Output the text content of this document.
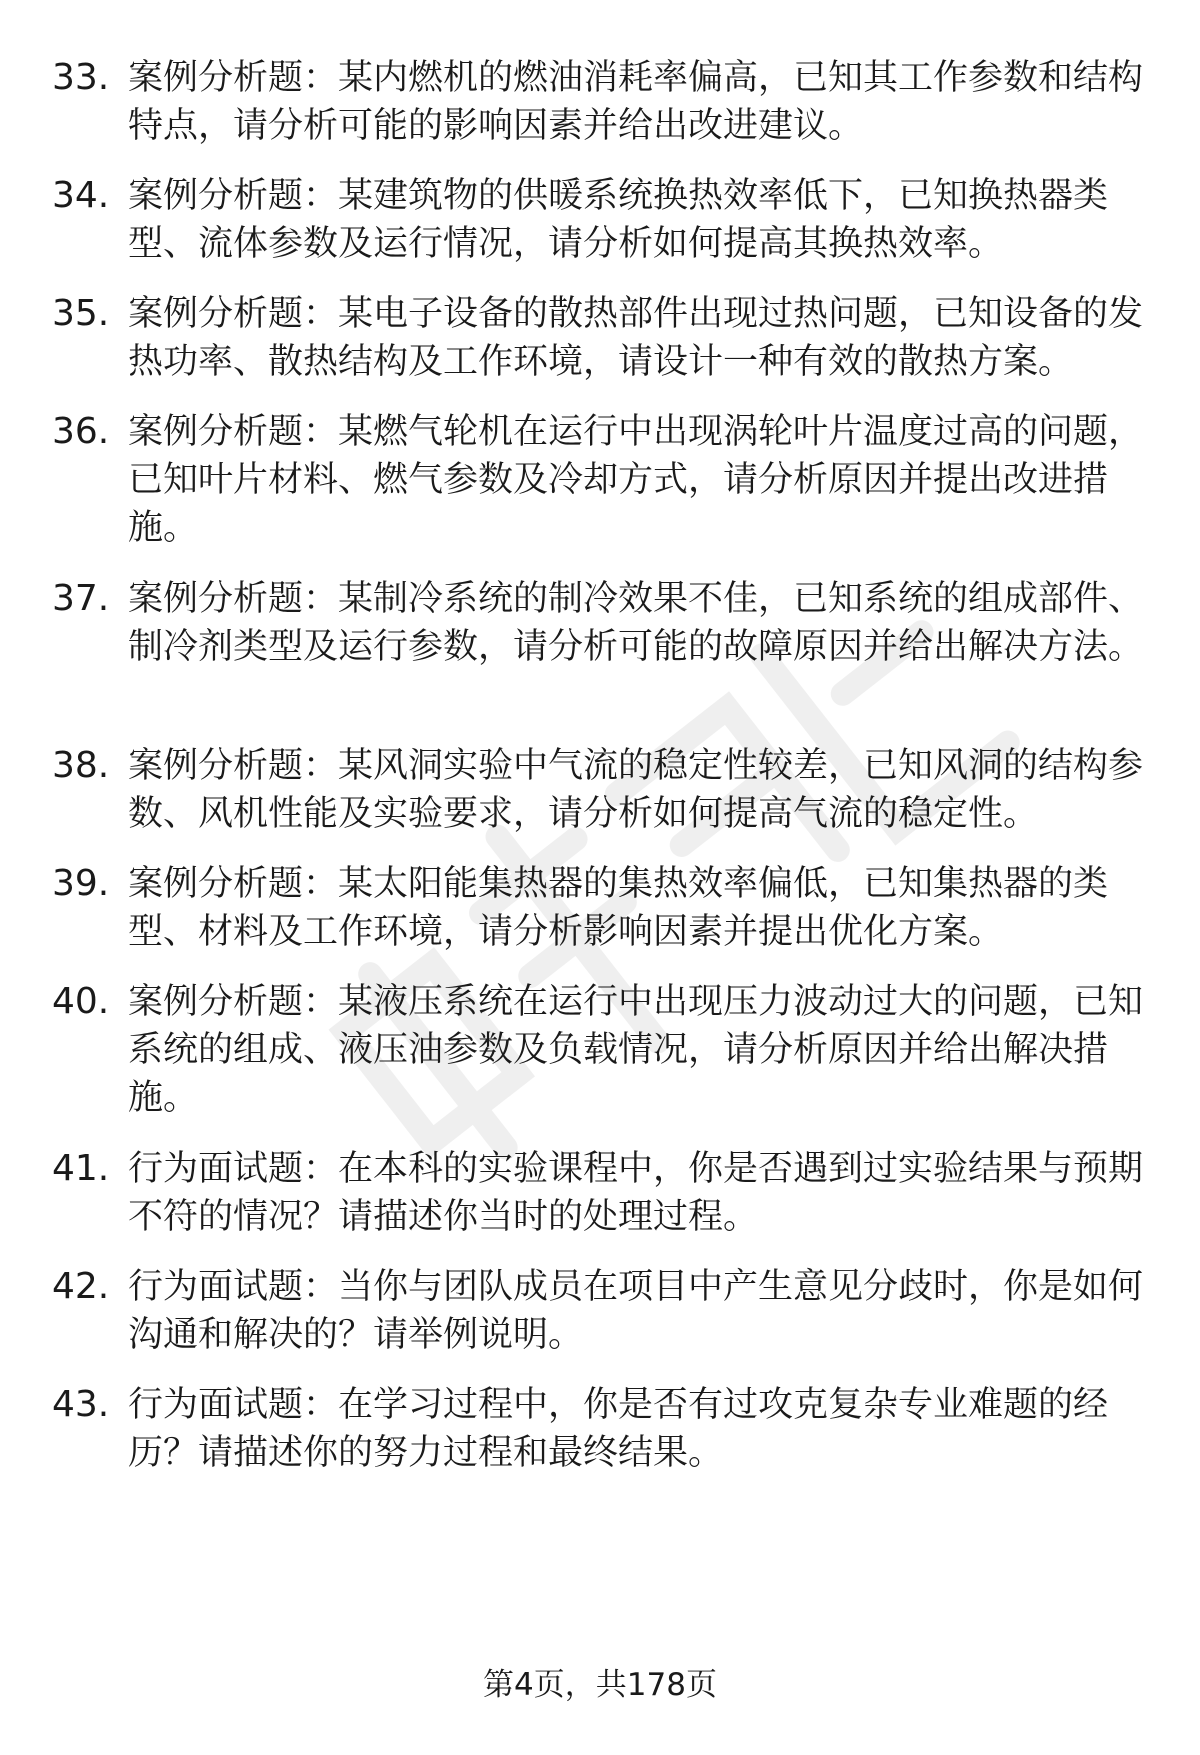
33. 案例分析题：某内燃机的燃油消耗率偏高，已知其工作参数和结构特点，请分析可能的影响因素并给出改进建议。
34. 案例分析题：某建筑物的供暖系统换热效率低下，已知换热器类型、流体参数及运行情况，请分析如何提高其换热效率。
35. 案例分析题：某电子设备的散热部件出现过热问题，已知设备的发热功率、散热结构及工作环境，请设计一种有效的散热方案。
36. 案例分析题：某燃气轮机在运行中出现涡轮叶片温度过高的问题，已知叶片材料、燃气参数及冷却方式，请分析原因并提出改进措施。
37. 案例分析题：某制冷系统的制冷效果不佳，已知系统的组成部件、制冷剂类型及运行参数，请分析可能的故障原因并给出解决方法。
38. 案例分析题：某风洞实验中气流的稳定性较差，已知风洞的结构参数、风机性能及实验要求，请分析如何提高气流的稳定性。
39. 案例分析题：某太阳能集热器的集热效率偏低，已知集热器的类型、材料及工作环境，请分析影响因素并提出优化方案。
40. 案例分析题：某液压系统在运行中出现压力波动过大的问题，已知系统的组成、液压油参数及负载情况，请分析原因并给出解决措施。
41. 行为面试题：在本科的实验课程中，你是否遇到过实验结果与预期不符的情况？请描述你当时的处理过程。
42. 行为面试题：当你与团队成员在项目中产生意见分歧时，你是如何沟通和解决的？请举例说明。
43. 行为面试题：在学习过程中，你是否有过攻克复杂专业难题的经历？请描述你的努力过程和最终结果。
第4页，共178页
